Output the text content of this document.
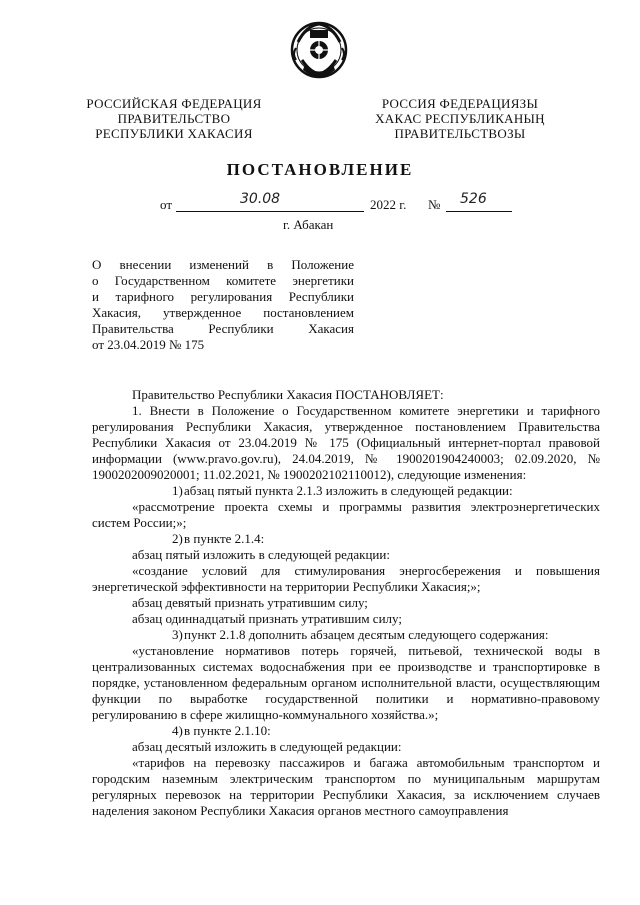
РОССИЙСКАЯ ФЕДЕРАЦИЯ
ПРАВИТЕЛЬСТВО
РЕСПУБЛИКИ ХАКАСИЯ
РОССИЯ ФЕДЕРАЦИЯЗЫ
ХАКАС РЕСПУБЛИКАНЫҢ
ПРАВИТЕЛЬСТВОЗЫ
ПОСТАНОВЛЕНИЕ
от	30.08	2022 г. № 526
г. Абакан
О внесении изменений в Положение
о Государственном комитете энергетики
и тарифного регулирования Республики
Хакасия, утвержденное постановлением
Правительства Республики Хакасия
от 23.04.2019 № 175

Правительство Республики Хакасия ПОСТАНОВЛЯЕТ:

1. Внести в Положение о Государственном комитете энергетики и тарифного регулирования Республики Хакасия, утвержденное постановлением Правительства Республики Хакасия от 23.04.2019 № 175 (Официальный интернет-портал правовой информации (www.pravo.gov.ru), 24.04.2019, № 1900201904240003; 02.09.2020, № 1900202009020001; 11.02.2021, № 1900202102110012), следующие изменения:

1)абзац пятый пункта 2.1.3 изложить в следующей редакции:

«рассмотрение проекта схемы и программы развития электроэнергетических систем России;»;

2)в пункте 2.1.4:

абзац пятый изложить в следующей редакции:

«создание условий для стимулирования энергосбережения и повышения энергетической эффективности на территории Республики Хакасия;»;

абзац девятый признать утратившим силу;

абзац одиннадцатый признать утратившим силу;

3)пункт 2.1.8 дополнить абзацем десятым следующего содержания:

«установление нормативов потерь горячей, питьевой, технической воды в централизованных системах водоснабжения при ее производстве и транспортировке в порядке, установленном федеральным органом исполнительной власти, осуществляющим функции по выработке государственной политики и нормативно-правовому регулированию в сфере жилищно-коммунального хозяйства.»;

4)в пункте 2.1.10:

абзац десятый изложить в следующей редакции:

«тарифов на перевозку пассажиров и багажа автомобильным транспортом и городским наземным электрическим транспортом по муниципальным маршрутам регулярных перевозок на территории Республики Хакасия, за исключением случаев наделения законом Республики Хакасия органов местного самоуправления
